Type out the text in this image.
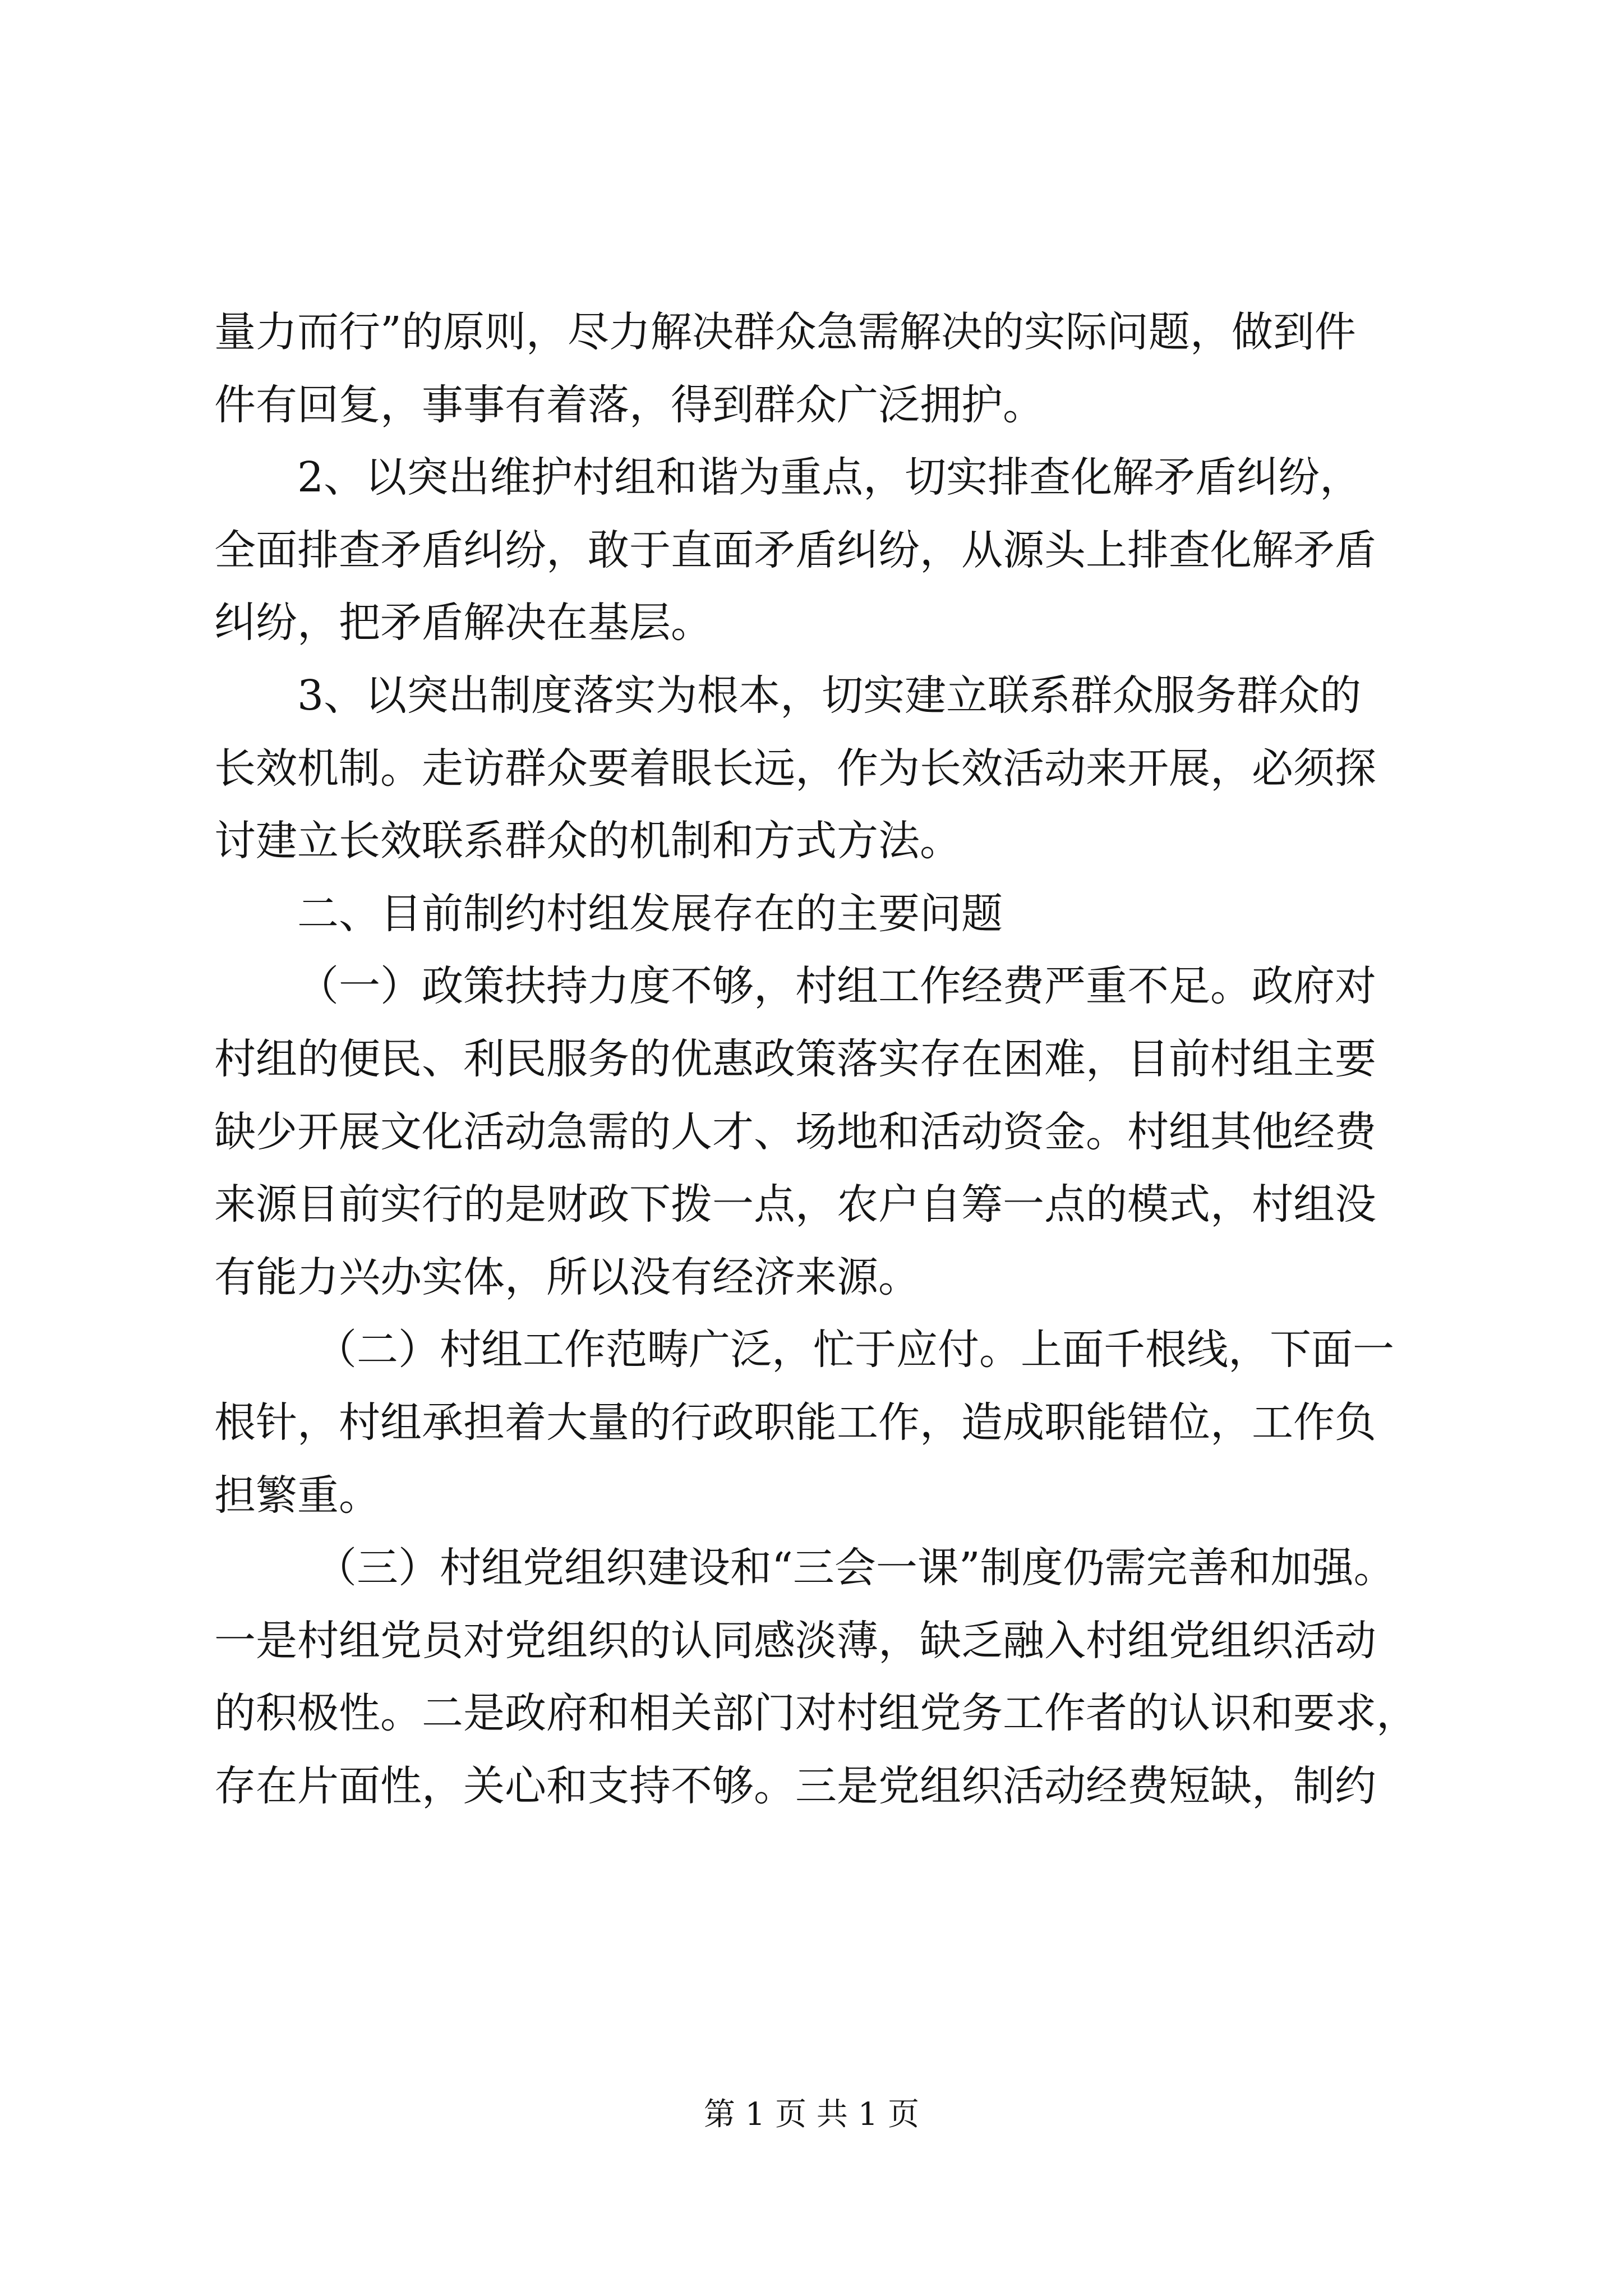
量力而行”的原则，尽力解决群众急需解决的实际问题，做到件
件有回复，事事有着落，得到群众广泛拥护。
2、以突出维护村组和谐为重点，切实排查化解矛盾纠纷，
全面排查矛盾纠纷，敢于直面矛盾纠纷，从源头上排查化解矛盾
纠纷，把矛盾解决在基层。
3、以突出制度落实为根本，切实建立联系群众服务群众的
长效机制。走访群众要着眼长远，作为长效活动来开展，必须探
讨建立长效联系群众的机制和方式方法。
二、目前制约村组发展存在的主要问题
（一）政策扶持力度不够，村组工作经费严重不足。政府对
村组的便民、利民服务的优惠政策落实存在困难，目前村组主要
缺少开展文化活动急需的人才、场地和活动资金。村组其他经费
来源目前实行的是财政下拨一点，农户自筹一点的模式，村组没
有能力兴办实体，所以没有经济来源。
（二）村组工作范畴广泛，忙于应付。上面千根线，下面一
根针，村组承担着大量的行政职能工作，造成职能错位，工作负
担繁重。
（三）村组党组织建设和“三会一课”制度仍需完善和加强。
一是村组党员对党组织的认同感淡薄，缺乏融入村组党组织活动
的积极性。二是政府和相关部门对村组党务工作者的认识和要求，
存在片面性，关心和支持不够。三是党组织活动经费短缺，制约
第 1 页 共 1 页
